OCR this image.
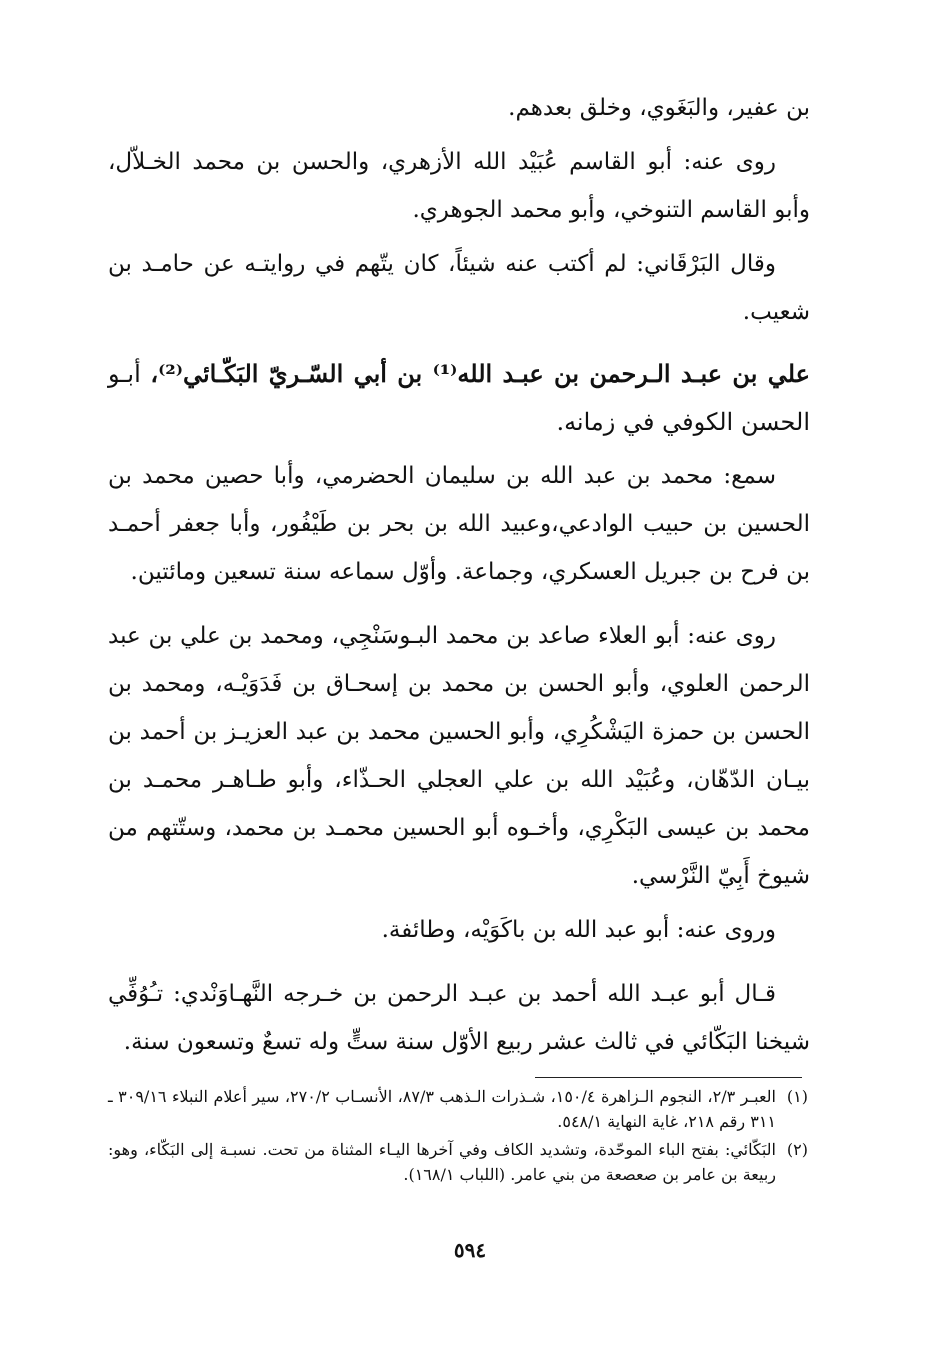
بن عفير، والبَغَوي، وخلق بعدهم.

روى عنه: أبو القاسم عُبَيْد الله الأزهري، والحسن بن محمد الخـلاّل، وأبو القاسم التنوخي، وأبو محمد الجوهري.

وقال البَرْقَاني: لم أكتب عنه شيئاً، كان يتّهم في روايتـه عن حامـد بن شعيب.

علي بن عبـد الـرحمن بن عبـد الله⁽¹⁾ بن أبي السّـريّ البَكّـائي⁽²⁾، أبـو الحسن الكوفي في زمانه.

سمع: محمد بن عبد الله بن سليمان الحضرمي، وأبا حصين محمد بن الحسين بن حبيب الوادعي،وعبيد الله بن بحر بن طَيْفُور، وأبا جعفر أحمـد بن فرح بن جبريل العسكري، وجماعة. وأوّل سماعه سنة تسعين ومائتين.

روى عنه: أبو العلاء صاعد بن محمد البـوسَنْجِي، ومحمد بن علي بن عبد الرحمن العلوي، وأبو الحسن بن محمد بن إسحـاق بن فَدَوَيْـه، ومحمد بن الحسن بن حمزة اليَشْكُرِي، وأبو الحسين محمد بن عبد العزيـز بن أحمد بن بيـان الدّهّان، وعُبَيْد الله بن علي العجلي الحـذّاء، وأبو طـاهـر محمـد بن محمد بن عيسى البَكْرِي، وأخـوه أبو الحسين محمـد بن محمد، وستّتهم من شيوخ أَبِيّ النَّرْسي.

وروى عنه: أبو عبد الله بن باكَوَيْه، وطائفة.

قـال أبو عبـد الله أحمد بن عبـد الرحمن بن خـرجه النَّهـاوَنْدي: تـُوُفِّي شيخنا البَكّائي في ثالث عشر ربيع الأوّل سنة ستٍّ وله تسعٌ وتسعون سنة.

(١)
العبـر ٢/٣، النجوم الـزاهرة ١٥٠/٤، شـذرات الـذهب ٨٧/٣، الأنسـاب ٢٧٠/٢، سير أعلام النبلاء ٣٠٩/١٦ ـ ٣١١ رقم ٢١٨، غاية النهاية ٥٤٨/١.

(٢)
البَكّائي: بفتح الباء الموحّدة، وتشديد الكاف وفي آخرها اليـاء المثناة من تحت. نسبـة إلى البَكّاء، وهو: ربيعة بن عامر بن صعصعة من بني عامر. (اللباب ١٦٨/١).

٥٩٤
